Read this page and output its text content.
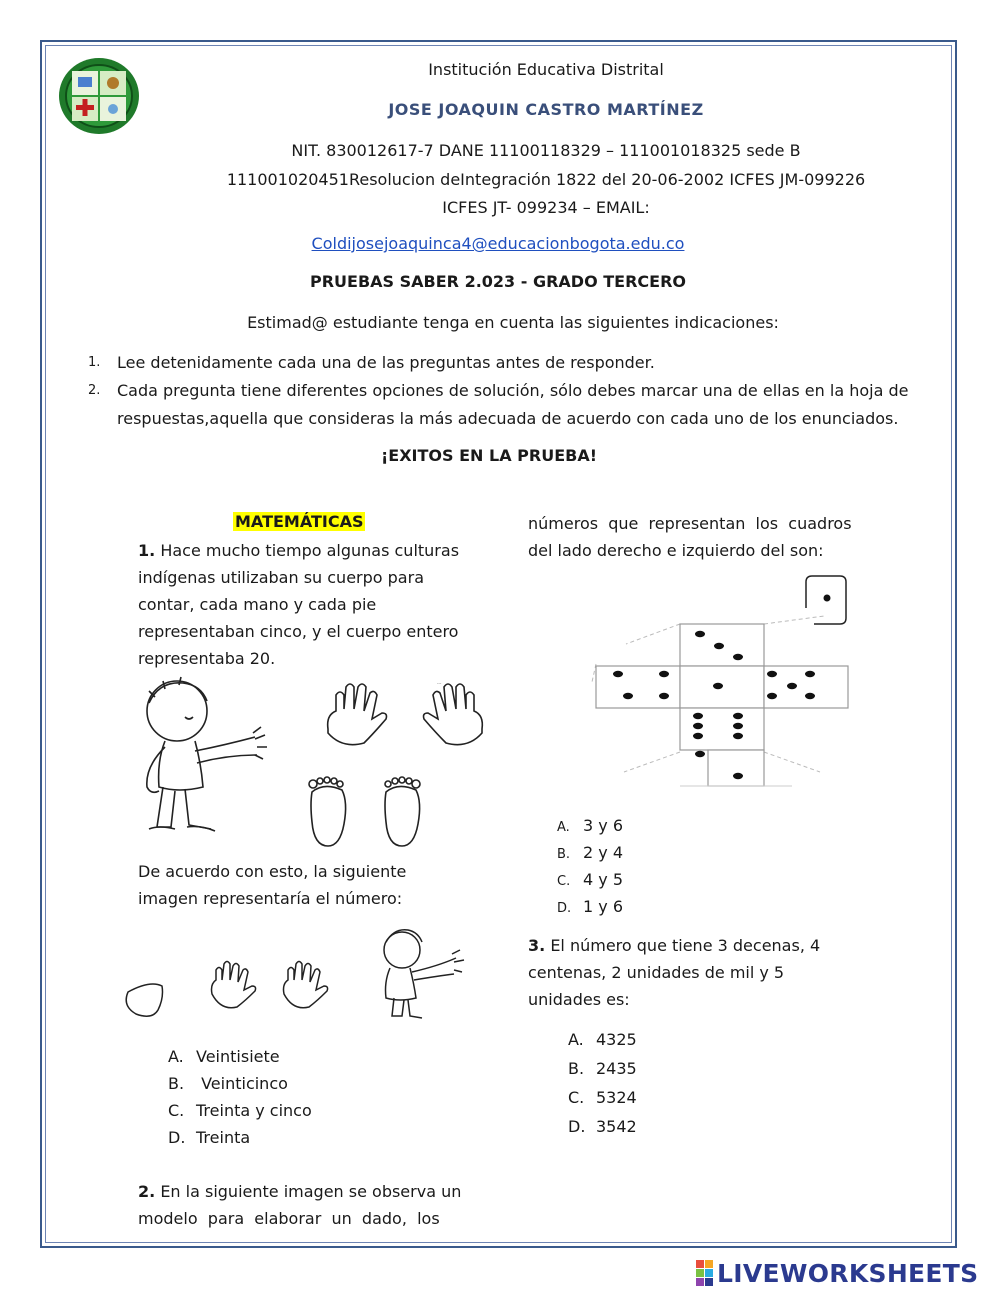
Institución Educativa Distrital
JOSE JOAQUIN CASTRO MARTÍNEZ
NIT. 830012617-7 DANE 11100118329 – 111001018325 sede B
111001020451Resolucion deIntegración 1822 del 20-06-2002 ICFES JM-099226
ICFES JT- 099234 – EMAIL:
Coldijosejoaquinca4@educacionbogota.edu.co
PRUEBAS SABER 2.023 - GRADO TERCERO
Estimad@ estudiante tenga en cuenta las siguientes indicaciones:
1. Lee detenidamente cada una de las preguntas antes de responder.
2. Cada pregunta tiene diferentes opciones de solución, sólo debes marcar una de ellas en la hoja de
respuestas,aquella que consideras la más adecuada de acuerdo con cada uno de los enunciados.
¡EXITOS EN LA PRUEBA!
MATEMÁTICAS
1. Hace mucho tiempo algunas culturas
indígenas utilizaban su cuerpo para
contar, cada mano y cada pie
representaban cinco, y el cuerpo entero
representaba 20.
---
De acuerdo con esto, la siguiente
imagen representaría el número:
A. Veintisiete
B. Veinticinco
C. Treinta y cinco
D. Treinta
2. En la siguiente imagen se observa un
modelo  para  elaborar  un  dado,  los
números  que  representan  los  cuadros
del lado derecho e izquierdo del son:
A. 3 y 6
B. 2 y 4
C. 4 y 5
D. 1 y 6
3. El número que tiene 3 decenas, 4
centenas, 2 unidades de mil y 5
unidades es:
A. 4325
B. 2435
C. 5324
D. 3542
LIVEWORKSHEETS
